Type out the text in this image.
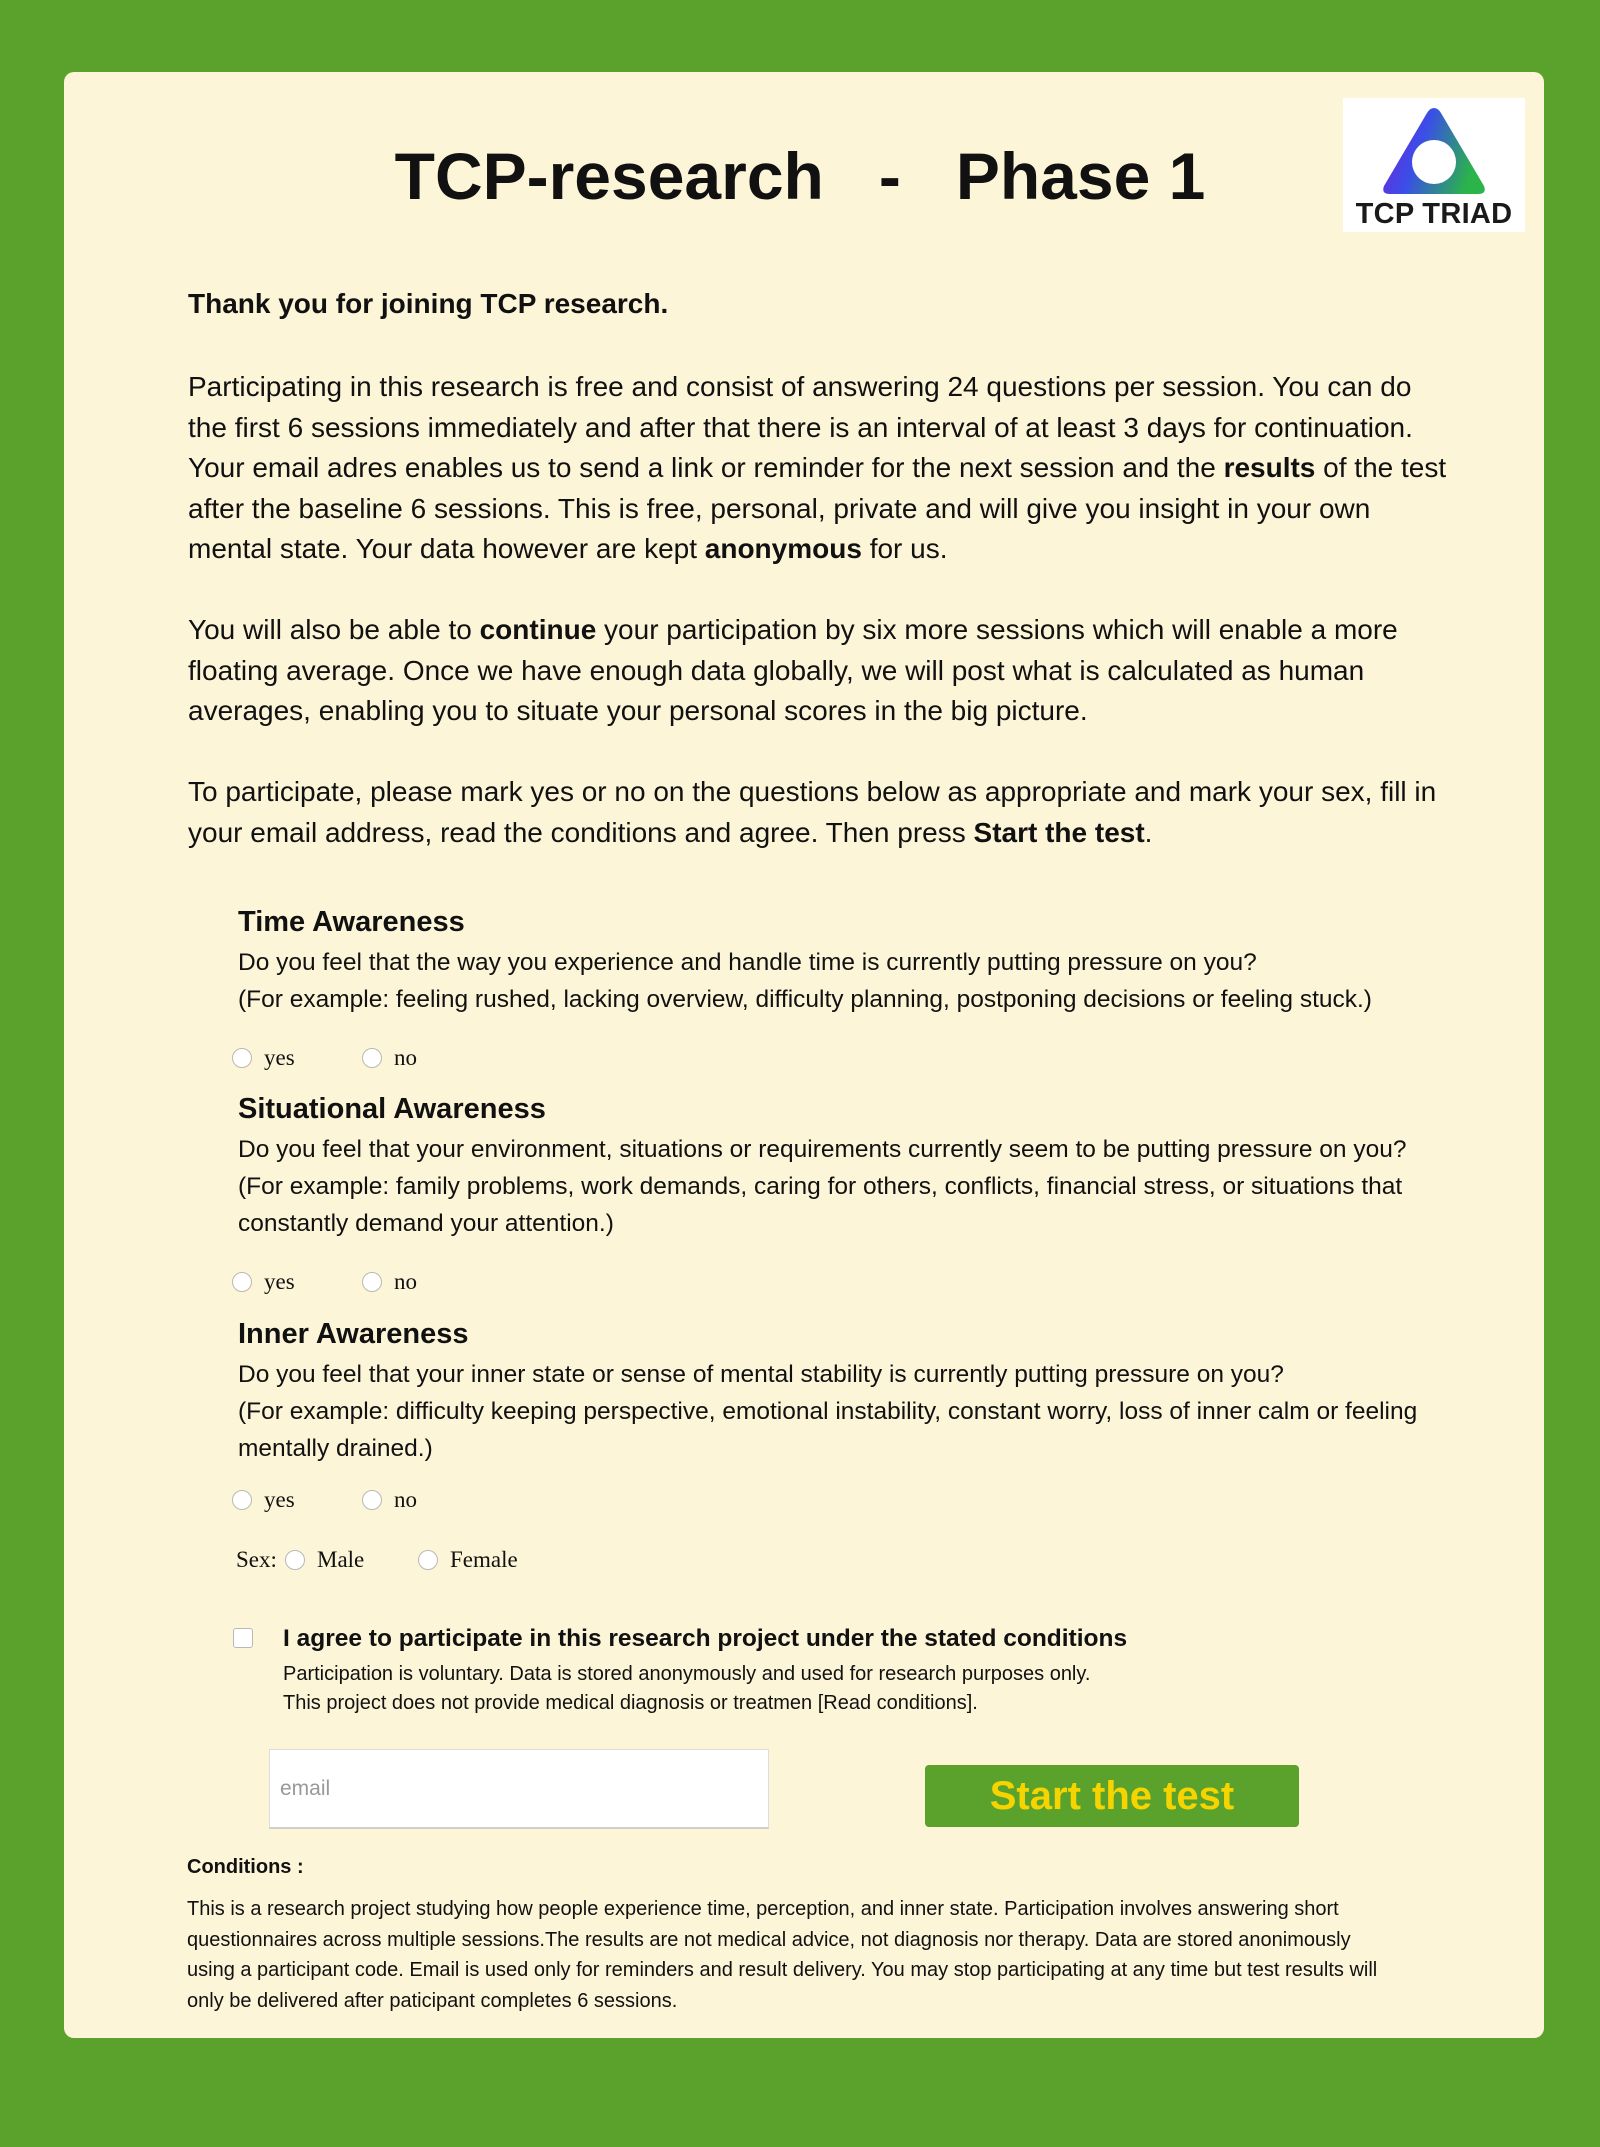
TCP TRIAD
TCP-research   -   Phase 1
Thank you for joining TCP research.
Participating in this research is free and consist of answering 24 questions per session. You can do the first 6 sessions immediately and after that there is an interval of at least 3 days for continuation. Your email adres enables us to send a link or reminder for the next session and the results of the test after the baseline 6 sessions. This is free, personal, private and will give you insight in your own mental state. Your data however are kept anonymous for us.
You will also be able to continue your participation by six more sessions which will enable a more floating average. Once we have enough data globally, we will post what is calculated as human averages, enabling you to situate your personal scores in the big picture.
To participate, please mark yes or no on the questions below as appropriate and mark your sex, fill in your email address, read the conditions and agree. Then press Start the test.
Time Awareness
Do you feel that the way you experience and handle time is currently putting pressure on you?
(For example: feeling rushed, lacking overview, difficulty planning, postponing decisions or feeling stuck.)
yes	no
Situational Awareness
Do you feel that your environment, situations or requirements currently seem to be putting pressure on you?
(For example: family problems, work demands, caring for others, conflicts, financial stress, or situations that constantly demand your attention.)
yes	no
Inner Awareness
Do you feel that your inner state or sense of mental stability is currently putting pressure on you?
(For example: difficulty keeping perspective, emotional instability, constant worry, loss of inner calm or feeling mentally drained.)
yes	no
Sex:	Male	Female
I agree to participate in this research project under the stated conditions
Participation is voluntary. Data is stored anonymously and used for research purposes only.
This project does not provide medical diagnosis or treatmen [Read conditions].
email
Start the test
Conditions :
This is a research project studying how people experience time, perception, and inner state. Participation involves answering short questionnaires across multiple sessions.The results are not medical advice, not diagnosis nor therapy. Data are stored anonimously using a participant code. Email is used only for reminders and result delivery. You may stop participating at any time but test results will only be delivered after paticipant completes 6 sessions.
